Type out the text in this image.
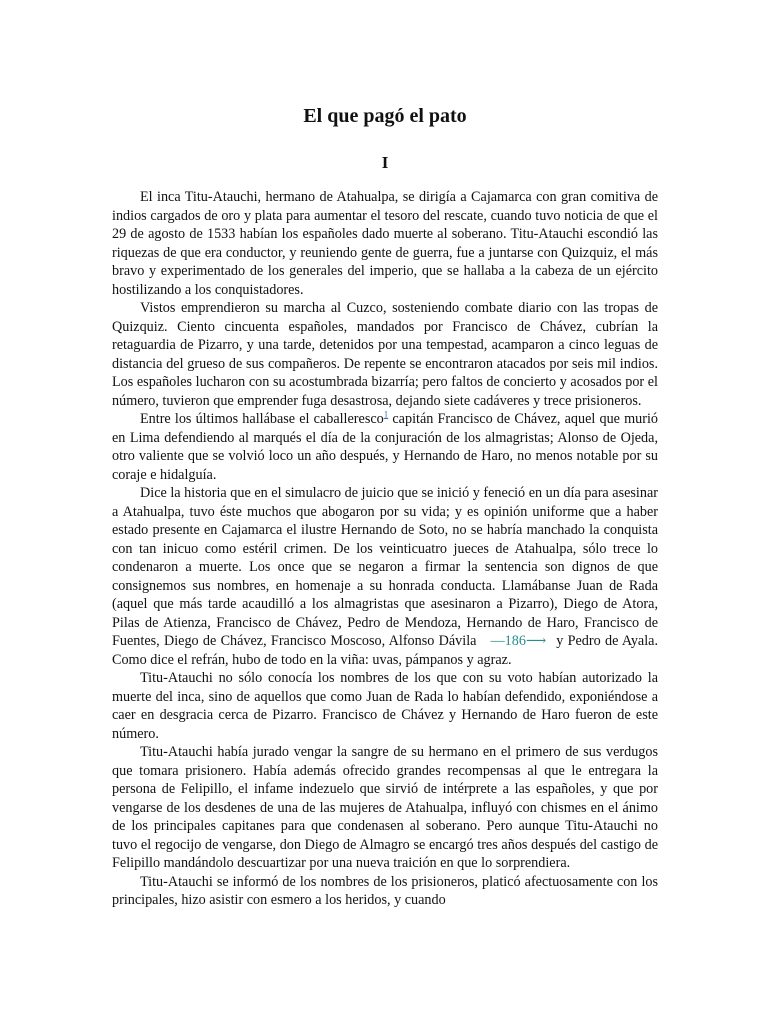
El que pagó el pato
I

El inca Titu-Atauchi, hermano de Atahualpa, se dirigía a Cajamarca con gran comitiva de indios cargados de oro y plata para aumentar el tesoro del rescate, cuando tuvo noticia de que el 29 de agosto de 1533 habían los españoles dado muerte al soberano. Titu-Atauchi escondió las riquezas de que era conductor, y reuniendo gente de guerra, fue a juntarse con Quizquiz, el más bravo y experimentado de los generales del imperio, que se hallaba a la cabeza de un ejército hostilizando a los conquistadores.

Vistos emprendieron su marcha al Cuzco, sosteniendo combate diario con las tropas de Quizquiz. Ciento cincuenta españoles, mandados por Francisco de Chávez, cubrían la retaguardia de Pizarro, y una tarde, detenidos por una tempestad, acamparon a cinco leguas de distancia del grueso de sus compañeros. De repente se encontraron atacados por seis mil indios. Los españoles lucharon con su acostumbrada bizarría; pero faltos de concierto y acosados por el número, tuvieron que emprender fuga desastrosa, dejando siete cadáveres y trece prisioneros.

Entre los últimos hallábase el caballeresco$^1$ capitán Francisco de Chávez, aquel que murió en Lima defendiendo al marqués el día de la conjuración de los almagristas; Alonso de Ojeda, otro valiente que se volvió loco un año después, y Hernando de Haro, no menos notable por su coraje e hidalguía.

Dice la historia que en el simulacro de juicio que se inició y feneció en un día para asesinar a Atahualpa, tuvo éste muchos que abogaron por su vida; y es opinión uniforme que a haber estado presente en Cajamarca el ilustre Hernando de Soto, no se habría manchado la conquista con tan inicuo como estéril crimen. De los veinticuatro jueces de Atahualpa, sólo trece lo condenaron a muerte. Los once que se negaron a firmar la sentencia son dignos de que consignemos sus nombres, en homenaje a su honrada conducta. Llamábanse Juan de Rada (aquel que más tarde acaudilló a los almagristas que asesinaron a Pizarro), Diego de Atora, Pilas de Atienza, Francisco de Chávez, Pedro de Mendoza, Hernando de Haro, Francisco de Fuentes, Diego de Chávez, Francisco Moscoso, Alfonso Dávila —186⟶ y Pedro de Ayala. Como dice el refrán, hubo de todo en la viña: uvas, pámpanos y agraz.

Titu-Atauchi no sólo conocía los nombres de los que con su voto habían autorizado la muerte del inca, sino de aquellos que como Juan de Rada lo habían defendido, exponiéndose a caer en desgracia cerca de Pizarro. Francisco de Chávez y Hernando de Haro fueron de este número.

Titu-Atauchi había jurado vengar la sangre de su hermano en el primero de sus verdugos que tomara prisionero. Había además ofrecido grandes recompensas al que le entregara la persona de Felipillo, el infame indezuelo que sirvió de intérprete a las españoles, y que por vengarse de los desdenes de una de las mujeres de Atahualpa, influyó con chismes en el ánimo de los principales capitanes para que condenasen al soberano. Pero aunque Titu-Atauchi no tuvo el regocijo de vengarse, don Diego de Almagro se encargó tres años después del castigo de Felipillo mandándolo descuartizar por una nueva traición en que lo sorprendiera.

Titu-Atauchi se informó de los nombres de los prisioneros, platicó afectuosamente con los principales, hizo asistir con esmero a los heridos, y cuando
